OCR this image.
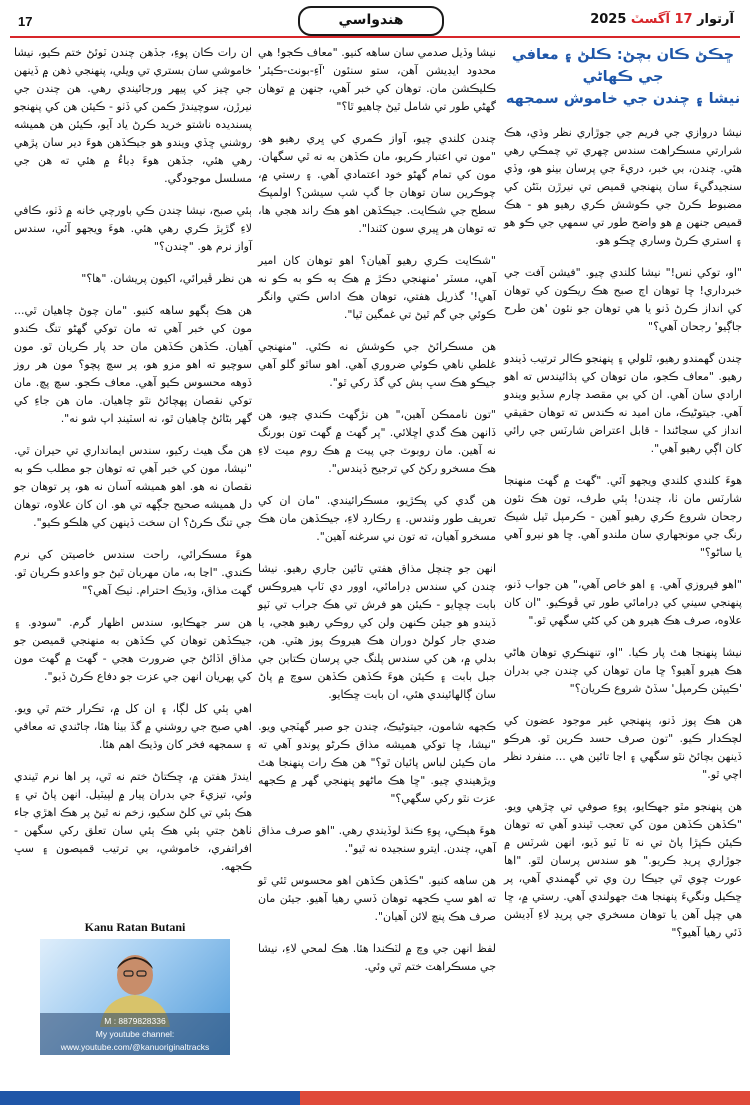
17	هندواسي	آرتوار 17 آگسٽ 2025
ڇڪڻ ڪان بچڻ: ڪلڻ ۽ معافي جي ڪهاڻي
نيشا ۽ چندن جي خاموش سمجهه

نيشا دروازي جي فريم جي جوڙاري نظر وڌي، هڪ شرارتي مسڪراهٽ سندس چهري تي چمڪي رهي هئي. چندن، بي خبر، دريءَ جي پرسان بيٺو هو، وڏي سنجيدگيءَ سان پنهنجي قميص تي نيرڙن بٽڻن کي مضبوط ڪرڻ جي ڪوشش ڪري رهيو هو - هڪ قميص جنهن ۾ هو واضح طور تي سمهي جي ڪو هو ۽ استري ڪرڻ وساري ڇڪو هو.

"او، توکي ٺس!" نيشا کلندي چيو. "فيشن آفت جي خبرداري! ڇا توهان اڄ صبح هڪ ريڪون کي توهان کي انداز ڪرڻ ڏنو يا هي توهان جو نئون 'هن طرح جاڳيو' رجحان آهي؟"

چندن گهمندو رهيو، ٿلولي ۽ پنهنجو ڪالر ترتيب ڏيندو رهيو. "معاف ڪجو، مان توهان کي ٻڌائيندس ته اهو ارادي سان آهي. ان کي بي مقصد چارم سڏيو ويندو آهي. جيتوڻيڪ، مان اميد نه ڪندس ته توهان حقيقي انداز کي سڃاڻندا - قابل اعتراض شارٽس جي رائي کان اڳي رهيو آهي".

هوءَ کلندي کلندي ويجهو آئي. "گهٽ ۾ گهٽ منهنجا شارٽس مان ٺا، چندن! ٻئي طرف، تون هڪ نئون رجحان شروع ڪري رهيو آهين - ڪرمپل ٿيل شيڪ رنگ جي مونجهاري سان ملندو آهي. ڇا هو نيرو آهي يا ساڻو؟"

"اهو فيروزي آهي. ۽ اهو خاص آهي،" هن جواب ڏنو، پنهنجي سيني کي ڊرامائي طور تي ڦوڪيو. "ان کان علاوه، صرف هڪ هيرو هن کي کڻي سگهي ٿو."

نيشا پنهنجا هٿ پار ڪيا. "او، تنهنڪري توهان هاڻي هڪ هيرو آهيو؟ ڇا مان توهان کي چندن جي بدران 'ڪيپٽن ڪرمپل' سڏڻ شروع ڪريان؟"

هن هڪ پوز ڏنو، پنهنجي غير موجود عضون کي لچڪدار ڪيو. "تون صرف حسد ڪرين ٿو. هرڪو ڏينهن بچائڻ نٿو سگهي ۽ اڃا تائين هي ... منفرد نظر اچي ٿو."

هن پنهنجو مٿو جهڪايو، پوءِ صوفي تي چڙهي ويو. "ڪڏهن ڪڏهن مون کي تعجب ٿيندو آهي ته توهان ڪيئن ڪپڙا پاڻ تي نه ٽا ٽيو ڏيو، انهن شرٽس ۾ جوڙاري پريڊ ڪريو." هو سندس پرسان لٿو. "اها عورت چوي ٿي جيڪا رن وي تي گهمندي آهي، پر ڇڪيل ونگيءَ پنهنجا هٿ جهولندي آهي. رستي ۾، ڇا هي چپل آهن يا توهان مسخري جي پريڊ لاءِ آڊيشن ڏئي رهيا آهيو؟"

نيشا وڏيل صدمي سان ساهه کنيو. "معاف ڪجو! هي محدود ايڊيشن آهن، ستو سنئون 'آءِ-بونٽ-ڪيئر' ڪليڪشن مان. توهان کي خبر آهي، جنهن ۾ توهان گهڻي طور تي شامل ٿيڻ چاهيو ٿا؟"

چندن کلندي چيو، آواز ڪمري کي ڀري رهيو هو. "مون تي اعتبار ڪريو، مان ڪڏهن به نه ٿي سگهان. مون کي تمام گهڻو خود اعتمادي آهي. ۽ رستي ۾، چوڪرين سان توهان جا گپ شپ سيشن؟ اولمپڪ سطح جي شڪايت. جيڪڏهن اهو هڪ راند هجي ها، ته توهان هر ڀيري سون کٽندا".

"شڪايت ڪري رهيو آهيان؟ اهو توهان کان امير آهي، مسٽر 'منهنجي دڪڙ ۾ هڪ ٻه ڪو به ڪو نه آهي!' گذريل هفتي، توهان هڪ اداس ڪتي وانگر ڪوئي جي گم ٿيڻ تي غمگين ٿيا".

هن مسڪرائڻ جي ڪوشش نه ڪئي. "منهنجي غلطي ناهي ڪوئي ضروري آهي. اهو ساٿو گلو آهي جيڪو هڪ سڀ ٻش کي گڏ رکي ٿو".

"تون ناممڪن آهين،" هن نڙگهٽ ڪندي چيو، هن ڏانهن هڪ گدي اڇلائي. "پر گهٽ ۾ گهٽ تون بورنگ نه آهين. مان روبوٽ جي پيٽ ۾ هڪ روم ميٽ لاءِ هڪ مسخرو رکڻ کي ترجيح ڏيندس".

هن گدي کي پڪڙيو، مسڪرائيندي. "مان ان کي تعريف طور وٺندس. ۽ رڪارڊ لاءِ، جيڪڏهن مان هڪ مسخرو آهيان، ته تون ني سرغنه آهين".

انهن جو چنچل مذاق هفتي تائين جاري رهيو. نيشا چندن کي سندس ڊرامائي، اوور دي ٽاپ هيروڪس بابت چڇايو - ڪيئن هو فرش تي هڪ جراب تي ٽپو ڏيندو هو جيئن ڪنهن ولن کي روڪي رهيو هجي، يا ضدي جار کولڻ دوران هڪ هيروڪ پوز هٽي. هن، بدلي ۾، هن کي سندس پلنگ جي پرسان ڪتابن جي جبل بابت ۽ ڪيئن هوءَ ڪڏهن ڪڏهن سوچ ۾ پاڻ سان ڳالهائيندي هئي، ان بابت ڇڪايو.

ڪجهه شامون، جيتوڻيڪ، چندن جو صبر گهٽجي ويو. "نيشا، ڇا توکي هميشه مذاق ڪرڻو پوندو آهي ته مان ڪيئن لباس پائيان ٿو؟" هن هڪ رات پنهنجا هٿ ويڙهيندي چيو. "ڇا هڪ ماڻهو پنهنجي گهر ۾ ڪجهه عزت نٿو رکي سگهي؟"

هوءَ هٻڪي، پوءِ ڪنڌ لوڏيندي رهي. "اهو صرف مذاق آهي، چندن. ايترو سنجيده نه ٿيو".

هن ساهه کنيو. "ڪڏهن ڪڏهن اهو محسوس ٿئي ٿو ته اهو سڀ ڪجهه توهان ڏسي رهيا آهيو. جيئن مان صرف هڪ پنچ لائن آهيان".

لفظ انهن جي وچ ۾ لٽڪندا هئا. هڪ لمحي لاءِ، نيشا جي مسڪراهٽ ختم ٿي وئي.

ان رات ڪان پوءِ، جڏهن چندن ٽوئڻ ختم ڪيو، نيشا خاموشي سان بستري تي ويلي، پنهنجي ذهن ۾ ڏينهن جي چيز کي پيهر ورجائيندي رهي. هن چندن جي نيرڙن، سوچيندڙ ڪمن کي ڏٺو - ڪيئن هن کي پنهنجو پسنديده ناشتو خريد ڪرڻ ياد آيو، ڪيئن هن هميشه روشني ڇڏي ويندو هو جيڪڏهن هوءَ دير سان پڙهي رهي هئي، جڏهن هوءَ ڊباءُ ۾ هئي ته هن جي مسلسل موجودگي.

ٻئي صبح، نيشا چندن ڪي باورچي خانه ۾ ڏٺو، ڪافي لاءِ گڙٻڙ ڪري رهي هئي. هوءَ ويجهو آئي، سندس آواز نرم هو. "چندن؟"

هن نظر ڦيرائي، اکيون پريشان. "ها؟"

هن هڪ ٻگهو ساهه کنيو. "مان چوڻ چاهيان ٿي... مون کي خبر آهي ته مان توکي گهڻو تنگ ڪندو آهيان. ڪڏهن ڪڏهن مان حد پار ڪريان ٿو. مون سوچيو ته اهو مزو هو، پر سچ پچو؟ مون هر روز ڏوهه محسوس ڪيو آهي. معاف ڪجو. سچ پچ. مان توکي نقصان پهچائڻ نٿو چاهيان. مان هن جاءِ کي گهر بڻائڻ چاهيان ٿو، نه اسٽينڊ اپ شو نه".

هن مگ هيٺ رکيو، سندس ايمانداري تي حيران ٿي. "نيشا، مون کي خبر آهي ته توهان جو مطلب ڪو به نقصان نه هو. اهو هميشه آسان نه هو، پر توهان جو دل هميشه صحيح جڳهه تي هو. ان کان علاوه، توهان جي تنگ ڪرڻ؟ ان سخت ڏينهن کي هلڪو ڪيو".

هوءَ مسڪرائي، راحت سندس خاصيتن کي نرم ڪندي. "اڃا به، مان مهربان ٿيڻ جو واعدو ڪريان ٿو. گهٽ مذاق، وڌيڪ احترام. ٺيڪ آهي؟"

هن سر جهڪايو، سندس اظهار گرم. "سودو. ۽ جيڪڏهن توهان کي ڪڏهن به منهنجي قميصن جو مذاق اڏائڻ جي ضرورت هجي - گهٽ ۾ گهٽ مون کي پهريان انهن جي عزت جو دفاع ڪرڻ ڏيو".

اهي ٻئي کل لڳا، ۽ ان کل ۾، تڪرار ختم ٿي ويو. اهي صبح جي روشني ۾ گڏ بيٺا هئا، ڄاڻندي ته معافي ۽ سمجهه فخر کان وڌيڪ اهم هئا.

ايندڙ هفتن ۾، ڇڪتاڻ ختم نه ٿي، پر اها نرم ٿيندي وئي، تيزيءَ جي بدران پيار ۾ لپيٽيل. انهن پاڻ تي ۽ هڪ ٻئي تي کلڻ سکيو، زخم نه ٿيڻ پر هڪ اهڙي جاء ٺاهڻ جتي ٻئي هڪ ٻئي سان تعلق رکي سگهن - افراتفري، خاموشي، بي ترتيب قميصون ۽ سڀ ڪجهه.

Kanu Ratan Butani
M : 8879828336
My youtube channel:
www.youtube.com/@kanuoriginaltracks
